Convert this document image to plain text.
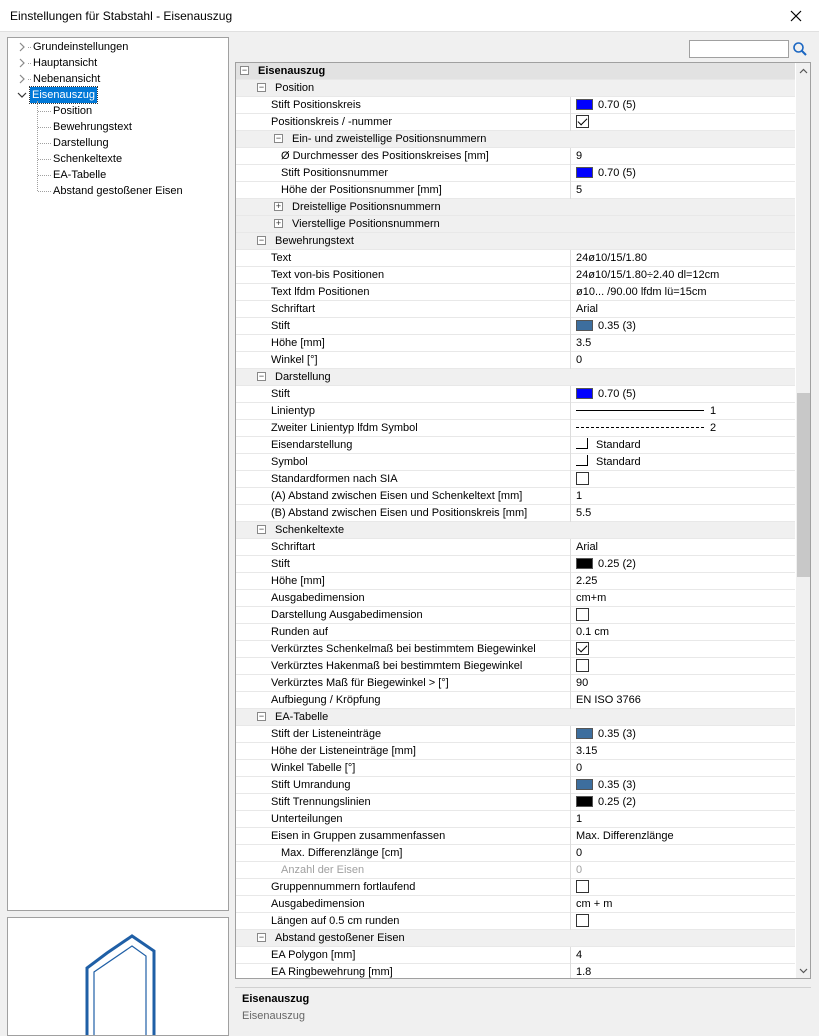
Einstellungen für Stabstahl - Eisenauszug
Grundeinstellungen
Hauptansicht
Nebenansicht
Eisenauszug
Position
Bewehrungstext
Darstellung
Schenkeltexte
EA-Tabelle
Abstand gestoßener Eisen
− Eisenauszug
− Position
Stift Positionskreis	0.70 (5)
Positionskreis / -nummer
− Ein- und zweistellige Positionsnummern
Ø Durchmesser des Positionskreises [mm]	9
Stift Positionsnummer	0.70 (5)
Höhe der Positionsnummer [mm]	5
+ Dreistellige Positionsnummern
+ Vierstellige Positionsnummern
− Bewehrungstext
Text	24ø10/15/1.80
Text von-bis Positionen	24ø10/15/1.80÷2.40 dl=12cm
Text lfdm Positionen	ø10... /90.00 lfdm lü=15cm
Schriftart	Arial
Stift	0.35 (3)
Höhe [mm]	3.5
Winkel [°]	0
− Darstellung
Stift	0.70 (5)
Linientyp	1
Zweiter Linientyp lfdm Symbol	2
Eisendarstellung	Standard
Symbol	Standard
Standardformen nach SIA
(A) Abstand zwischen Eisen und Schenkeltext [mm]	1
(B) Abstand zwischen Eisen und Positionskreis [mm]	5.5
− Schenkeltexte
Schriftart	Arial
Stift	0.25 (2)
Höhe [mm]	2.25
Ausgabedimension	cm+m
Darstellung Ausgabedimension
Runden auf	0.1 cm
Verkürztes Schenkelmaß bei bestimmtem Biegewinkel
Verkürztes Hakenmaß bei bestimmtem Biegewinkel
Verkürztes Maß für Biegewinkel > [°]	90
Aufbiegung / Kröpfung	EN ISO 3766
− EA-Tabelle
Stift der Listeneinträge	0.35 (3)
Höhe der Listeneinträge [mm]	3.15
Winkel Tabelle [°]	0
Stift Umrandung	0.35 (3)
Stift Trennungslinien	0.25 (2)
Unterteilungen	1
Eisen in Gruppen zusammenfassen	Max. Differenzlänge
Max. Differenzlänge [cm]	0
Anzahl der Eisen	0
Gruppennummern fortlaufend
Ausgabedimension	cm + m
Längen auf 0.5 cm runden
− Abstand gestoßener Eisen
EA Polygon [mm]	4
EA Ringbewehrung [mm]	1.8
Eisenauszug
Eisenauszug
